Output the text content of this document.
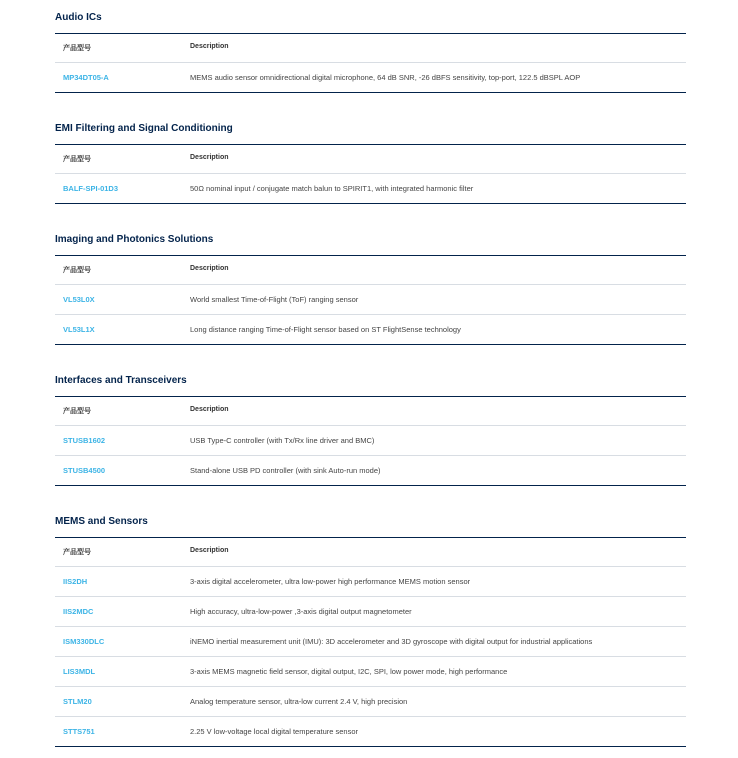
Audio ICs
产品型号	Description
MP34DT05-A	MEMS audio sensor omnidirectional digital microphone, 64 dB SNR, -26 dBFS sensitivity, top-port, 122.5 dBSPL AOP
EMI Filtering and Signal Conditioning
产品型号	Description
BALF-SPI-01D3	50Ω nominal input / conjugate match balun to SPIRIT1, with integrated harmonic filter
Imaging and Photonics Solutions
产品型号	Description
VL53L0X	World smallest Time-of-Flight (ToF) ranging sensor
VL53L1X	Long distance ranging Time-of-Flight sensor based on ST FlightSense technology
Interfaces and Transceivers
产品型号	Description
STUSB1602	USB Type-C controller (with Tx/Rx line driver and BMC)
STUSB4500	Stand-alone USB PD controller (with sink Auto-run mode)
MEMS and Sensors
产品型号	Description
IIS2DH	3-axis digital accelerometer, ultra low-power high performance MEMS motion sensor
IIS2MDC	High accuracy, ultra-low-power ,3-axis digital output magnetometer
ISM330DLC	iNEMO inertial measurement unit (IMU): 3D accelerometer and 3D gyroscope with digital output for industrial applications
LIS3MDL	3-axis MEMS magnetic field sensor, digital output, I2C, SPI, low power mode, high performance
STLM20	Analog temperature sensor, ultra-low current 2.4 V, high precision
STTS751	2.25 V low-voltage local digital temperature sensor
